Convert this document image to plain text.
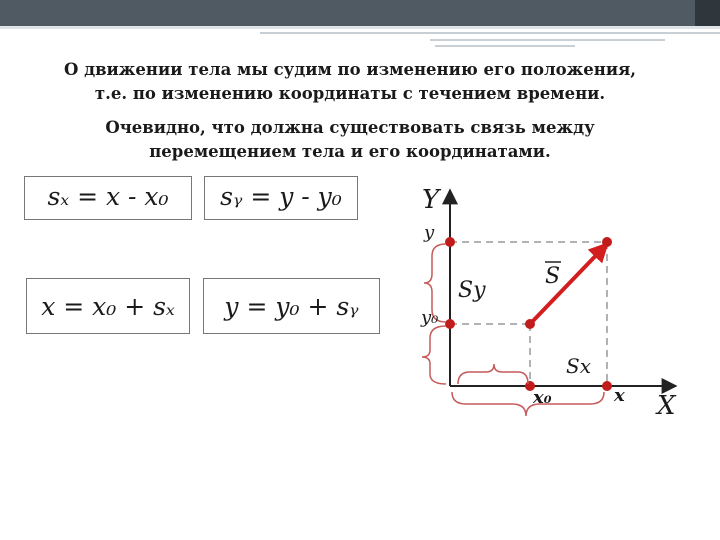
О движении тела мы судим по изменению его положения,
т.е. по изменению координаты с течением времени.
Очевидно, что должна существовать связь между
перемещением тела и его координатами.
sₓ = x - x₀	sᵧ = y - y₀
x = x₀ + sₓ	y = y₀ + sᵧ
Y
y
y₀
Sy
S
Sx
x₀	x X
